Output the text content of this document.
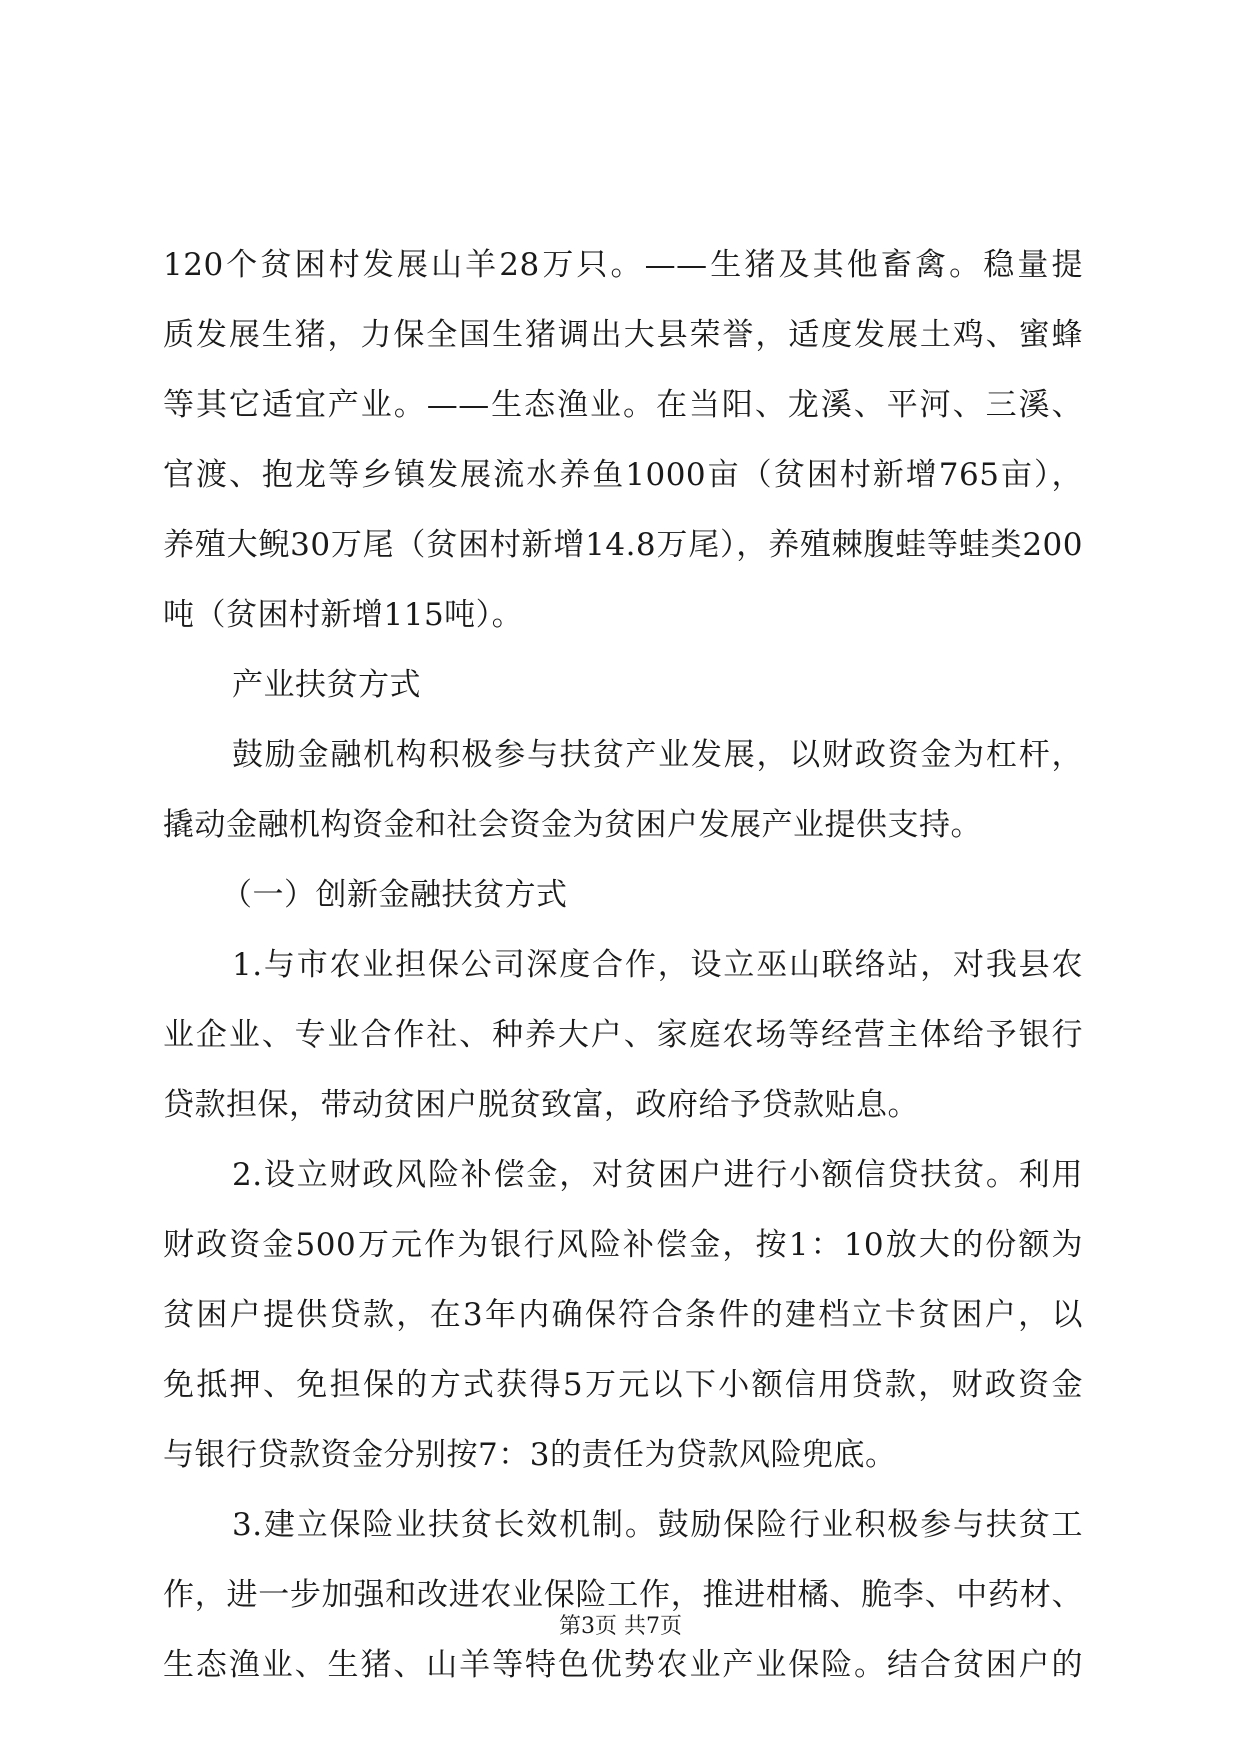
120个贫困村发展山羊28万只。——生猪及其他畜禽。稳量提
质发展生猪，力保全国生猪调出大县荣誉，适度发展土鸡、蜜蜂
等其它适宜产业。——生态渔业。在当阳、龙溪、平河、三溪、
官渡、抱龙等乡镇发展流水养鱼1000亩（贫困村新增765亩），
养殖大鲵30万尾（贫困村新增14.8万尾），养殖棘腹蛙等蛙类200
吨（贫困村新增115吨）。
产业扶贫方式
鼓励金融机构积极参与扶贫产业发展，以财政资金为杠杆，
撬动金融机构资金和社会资金为贫困户发展产业提供支持。
（一）创新金融扶贫方式
1.与市农业担保公司深度合作，设立巫山联络站，对我县农
业企业、专业合作社、种养大户、家庭农场等经营主体给予银行
贷款担保，带动贫困户脱贫致富，政府给予贷款贴息。
2.设立财政风险补偿金，对贫困户进行小额信贷扶贫。利用
财政资金500万元作为银行风险补偿金，按1：10放大的份额为
贫困户提供贷款，在3年内确保符合条件的建档立卡贫困户，以
免抵押、免担保的方式获得5万元以下小额信用贷款，财政资金
与银行贷款资金分别按7：3的责任为贷款风险兜底。
3.建立保险业扶贫长效机制。鼓励保险行业积极参与扶贫工
作，进一步加强和改进农业保险工作，推进柑橘、脆李、中药材、
生态渔业、生猪、山羊等特色优势农业产业保险。结合贫困户的
第3页 共7页
